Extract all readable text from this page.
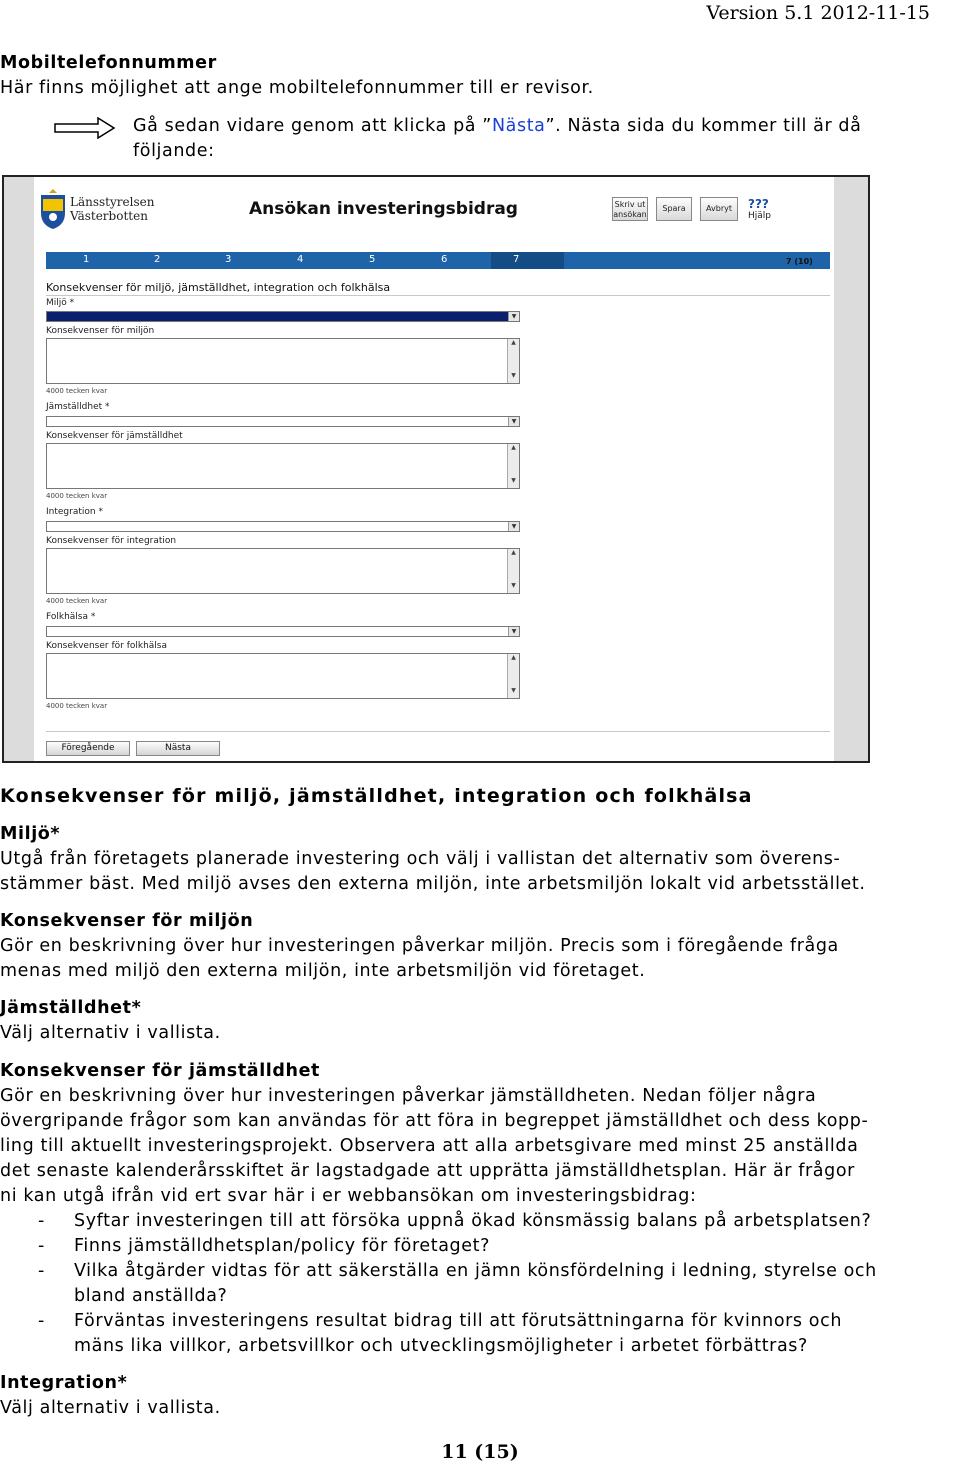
Version 5.1 2012-11-15
Mobiltelefonnummer
Här finns möjlighet att ange mobiltelefonnummer till er revisor.
Gå sedan vidare genom att klicka på ”Nästa”. Nästa sida du kommer till är då
följande:
Länsstyrelsen
Västerbotten	Ansökan investeringsbidrag	Skriv ut ansökan
Spara	Avbryt	???
Hjälp
1	2	3	4	5	6	7	7 (10)
Konsekvenser för miljö, jämställdhet, integration och folkhälsa
Miljö *
▼
Konsekvenser för miljön
▲
▼
4000 tecken kvar
Jämställdhet *
▼
Konsekvenser för jämställdhet
▲
▼
4000 tecken kvar
Integration *
▼
Konsekvenser för integration
▲
▼
4000 tecken kvar
Folkhälsa *
▼
Konsekvenser för folkhälsa
▲
▼
4000 tecken kvar
Föregående	Nästa
Konsekvenser för miljö, jämställdhet, integration och folkhälsa
Miljö*
Utgå från företagets planerade investering och välj i vallistan det alternativ som överens-
stämmer bäst. Med miljö avses den externa miljön, inte arbetsmiljön lokalt vid arbetsstället.
Konsekvenser för miljön
Gör en beskrivning över hur investeringen påverkar miljön. Precis som i föregående fråga
menas med miljö den externa miljön, inte arbetsmiljön vid företaget.
Jämställdhet*
Välj alternativ i vallista.
Konsekvenser för jämställdhet
Gör en beskrivning över hur investeringen påverkar jämställdheten. Nedan följer några
övergripande frågor som kan användas för att föra in begreppet jämställdhet och dess kopp-
ling till aktuellt investeringsprojekt. Observera att alla arbetsgivare med minst 25 anställda
det senaste kalenderårsskiftet är lagstadgade att upprätta jämställdhetsplan. Här är frågor
ni kan utgå ifrån vid ert svar här i er webbansökan om investeringsbidrag:
- Syftar investeringen till att försöka uppnå ökad könsmässig balans på arbetsplatsen?
- Finns jämställdhetsplan/policy för företaget?
- Vilka åtgärder vidtas för att säkerställa en jämn könsfördelning i ledning, styrelse och
bland anställda?
- Förväntas investeringens resultat bidrag till att förutsättningarna för kvinnors och
mäns lika villkor, arbetsvillkor och utvecklingsmöjligheter i arbetet förbättras?
Integration*
Välj alternativ i vallista.
11 (15)
